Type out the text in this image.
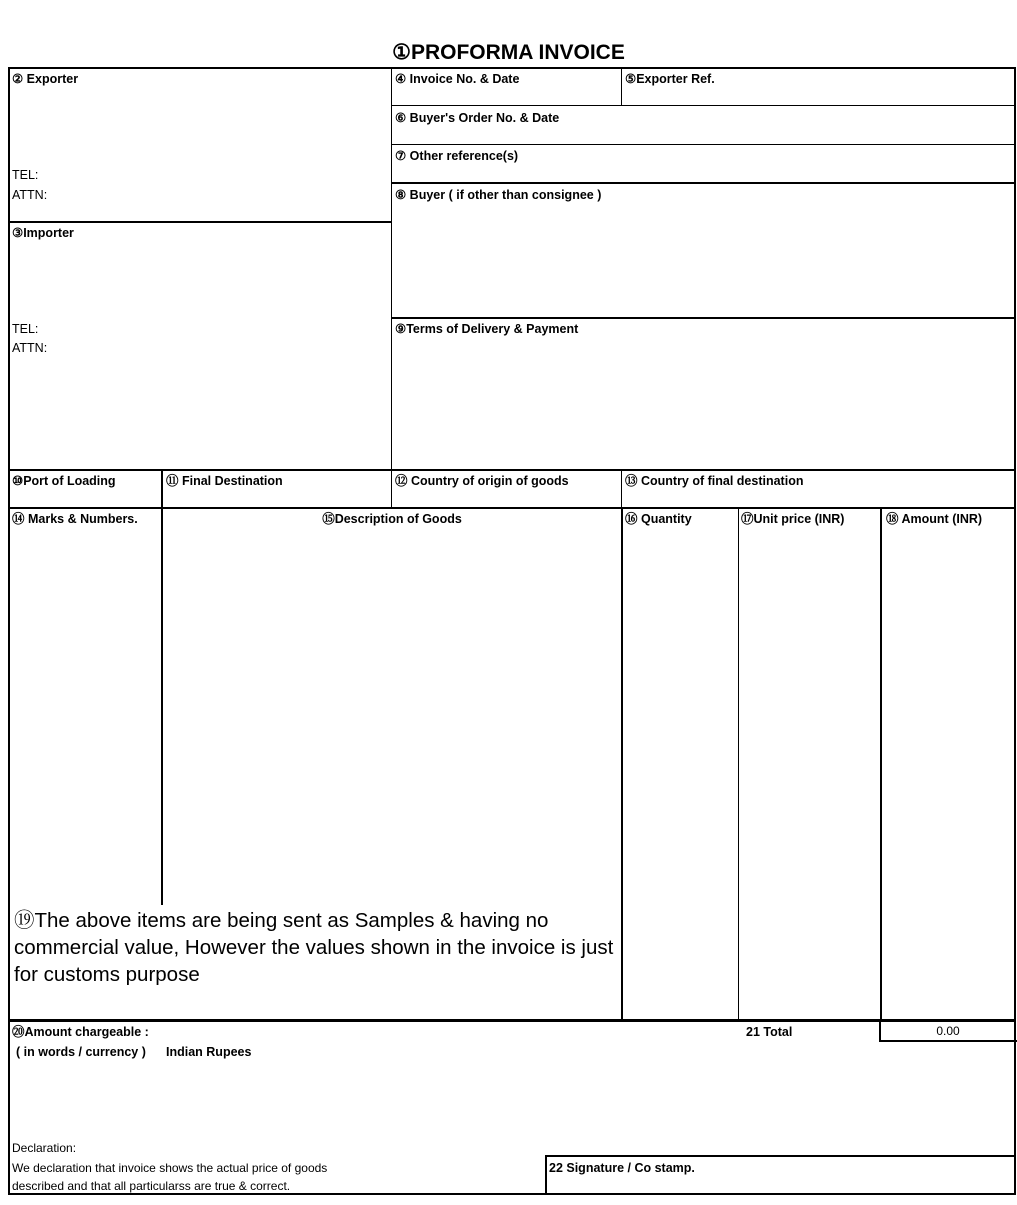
①PROFORMA INVOICE
② Exporter
TEL:
ATTN:
③Importer
TEL:
ATTN:
④ Invoice No. & Date	⑤Exporter Ref.
⑥ Buyer's Order No. & Date
⑦ Other reference(s)
⑧ Buyer ( if other than consignee )
⑨Terms of Delivery & Payment
⑩Port of Loading	⑪ Final Destination	⑫ Country of origin of goods	⑬ Country of final destination
⑭ Marks & Numbers.	⑮Description of Goods	⑯ Quantity	⑰Unit price (INR)	⑱ Amount (INR)
⑲The above items are being sent as Samples & having no commercial value, However the values shown in the invoice is just for customs purpose
⑳Amount chargeable :
( in words / currency ) Indian Rupees
21 Total	0.00
Declaration:
We declaration that invoice shows the actual price of goods
described and that all particularss are true & correct.
22 Signature / Co stamp.
